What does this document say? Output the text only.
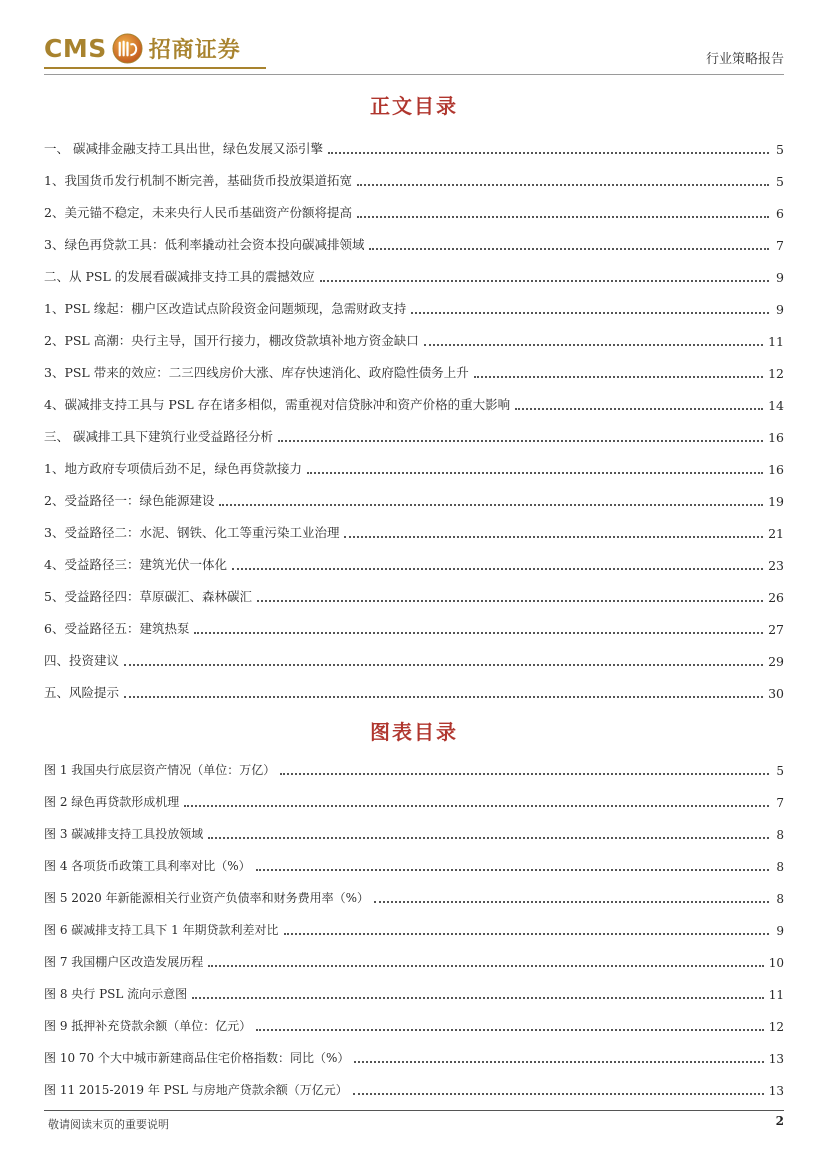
CMS 招商证券	行业策略报告
正文目录
一、 碳减排金融支持工具出世，绿色发展又添引擎	5
1、我国货币发行机制不断完善，基础货币投放渠道拓宽	5
2、美元锚不稳定，未来央行人民币基础资产份额将提高	6
3、绿色再贷款工具：低利率撬动社会资本投向碳减排领域	7
二、从 PSL 的发展看碳减排支持工具的震撼效应	9
1、PSL 缘起：棚户区改造试点阶段资金问题频现，急需财政支持	9
2、PSL 高潮：央行主导，国开行接力，棚改贷款填补地方资金缺口	11
3、PSL 带来的效应：二三四线房价大涨、库存快速消化、政府隐性债务上升	12
4、碳减排支持工具与 PSL 存在诸多相似，需重视对信贷脉冲和资产价格的重大影响	14
三、 碳减排工具下建筑行业受益路径分析	16
1、地方政府专项债后劲不足，绿色再贷款接力	16
2、受益路径一：绿色能源建设	19
3、受益路径二：水泥、钢铁、化工等重污染工业治理	21
4、受益路径三：建筑光伏一体化	23
5、受益路径四：草原碳汇、森林碳汇	26
6、受益路径五：建筑热泵	27
四、投资建议	29
五、风险提示	30
图表目录
图 1 我国央行底层资产情况（单位：万亿）	5
图 2 绿色再贷款形成机理	7
图 3 碳减排支持工具投放领域	8
图 4 各项货币政策工具利率对比（%）	8
图 5 2020 年新能源相关行业资产负债率和财务费用率（%）	8
图 6 碳减排支持工具下 1 年期贷款利差对比	9
图 7 我国棚户区改造发展历程	10
图 8 央行 PSL 流向示意图	11
图 9 抵押补充贷款余额（单位：亿元）	12
图 10 70 个大中城市新建商品住宅价格指数：同比（%）	13
图 11 2015-2019 年 PSL 与房地产贷款余额（万亿元）	13
敬请阅读末页的重要说明	2
